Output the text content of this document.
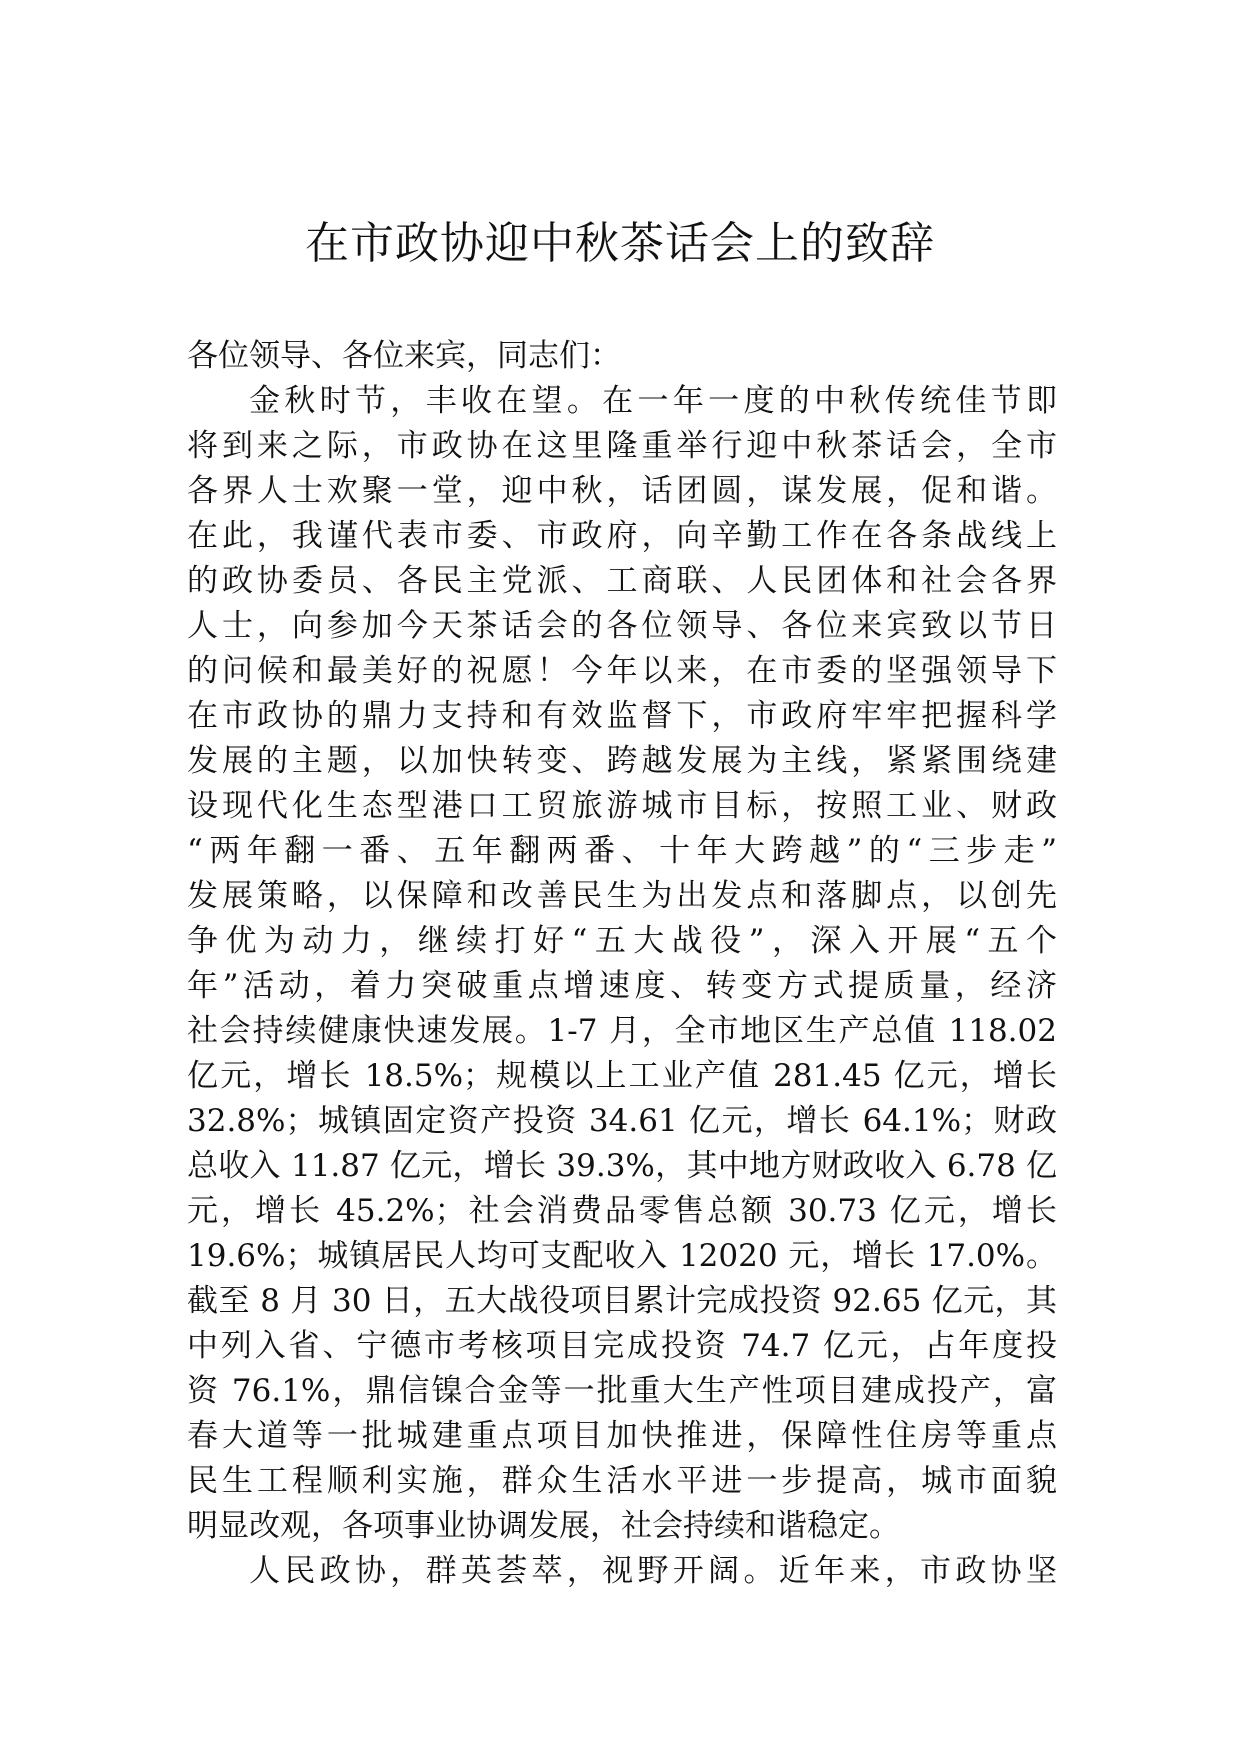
在市政协迎中秋茶话会上的致辞
各位领导、各位来宾，同志们：
金秋时节，丰收在望。在一年一度的中秋传统佳节即
将到来之际，市政协在这里隆重举行迎中秋茶话会，全市
各界人士欢聚一堂，迎中秋，话团圆，谋发展，促和谐。
在此，我谨代表市委、市政府，向辛勤工作在各条战线上
的政协委员、各民主党派、工商联、人民团体和社会各界
人士，向参加今天茶话会的各位领导、各位来宾致以节日
的问候和最美好的祝愿！今年以来，在市委的坚强领导下
在市政协的鼎力支持和有效监督下，市政府牢牢把握科学
发展的主题，以加快转变、跨越发展为主线，紧紧围绕建
设现代化生态型港口工贸旅游城市目标，按照工业、财政
“两年翻一番、五年翻两番、十年大跨越”的“三步走”
发展策略，以保障和改善民生为出发点和落脚点，以创先
争优为动力，继续打好“五大战役”，深入开展“五个
年”活动，着力突破重点增速度、转变方式提质量，经济
社会持续健康快速发展。1-7 月，全市地区生产总值 118.02
亿元，增长 18.5%；规模以上工业产值 281.45 亿元，增长
32.8%；城镇固定资产投资 34.61 亿元，增长 64.1%；财政
总收入 11.87 亿元，增长 39.3%，其中地方财政收入 6.78 亿
元，增长 45.2%；社会消费品零售总额 30.73 亿元，增长
19.6%；城镇居民人均可支配收入 12020 元，增长 17.0%。
截至 8 月 30 日，五大战役项目累计完成投资 92.65 亿元，其
中列入省、宁德市考核项目完成投资 74.7 亿元，占年度投
资 76.1%，鼎信镍合金等一批重大生产性项目建成投产，富
春大道等一批城建重点项目加快推进，保障性住房等重点
民生工程顺利实施，群众生活水平进一步提高，城市面貌
明显改观，各项事业协调发展，社会持续和谐稳定。
人民政协，群英荟萃，视野开阔。近年来，市政协坚
